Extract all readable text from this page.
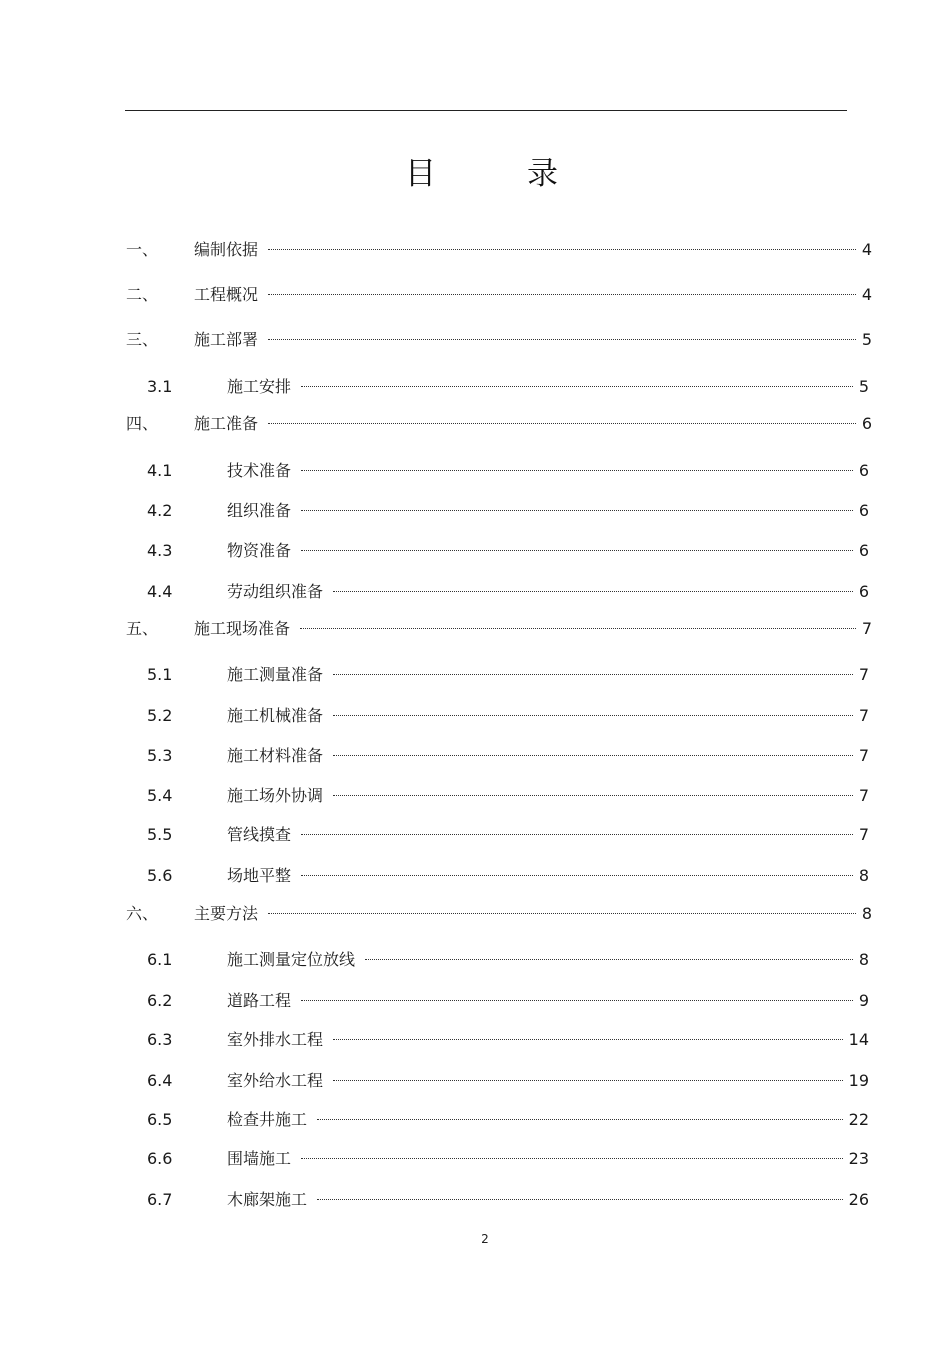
目	录
一、	编制依据	4
二、	工程概况	4
三、	施工部署	5
3.1	施工安排	5
四、	施工准备	6
4.1	技术准备	6
4.2	组织准备	6
4.3	物资准备	6
4.4	劳动组织准备	6
五、	施工现场准备	7
5.1	施工测量准备	7
5.2	施工机械准备	7
5.3	施工材料准备	7
5.4	施工场外协调	7
5.5	管线摸查	7
5.6	场地平整	8
六、	主要方法	8
6.1	施工测量定位放线	8
6.2	道路工程	9
6.3	室外排水工程	14
6.4	室外给水工程	19
6.5	检查井施工	22
6.6	围墙施工	23
6.7	木廊架施工	26
2
